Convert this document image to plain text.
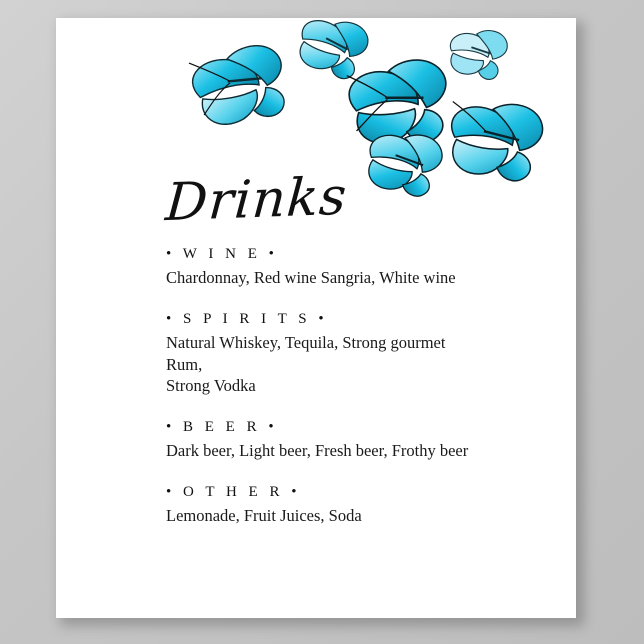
Drinks
• W I N E •
Chardonnay, Red wine Sangria, White wine
• S P I R I T S •
Natural Whiskey, Tequila, Strong gourmet
Rum,
Strong Vodka
• B E E R •
Dark beer, Light beer, Fresh beer, Frothy beer
• O T H E R •
Lemonade, Fruit Juices, Soda
